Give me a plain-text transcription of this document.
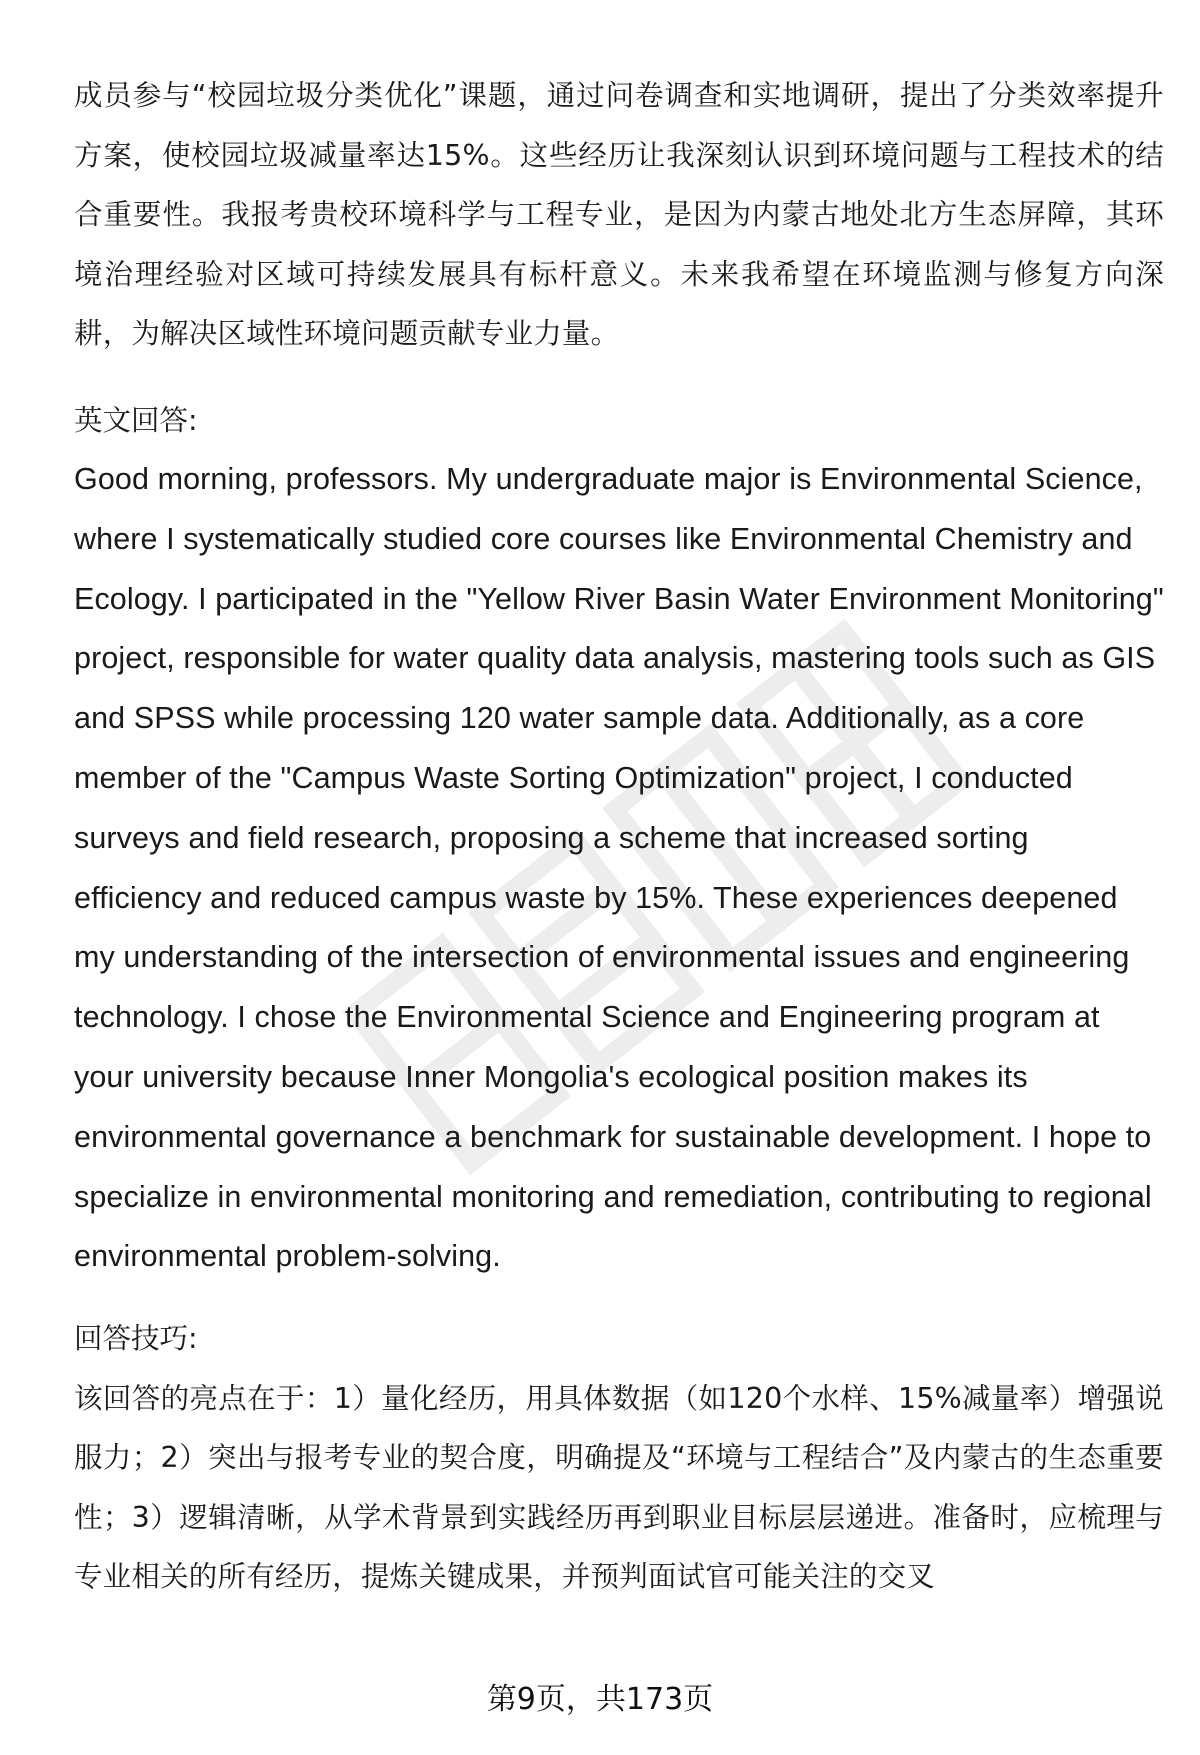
成员参与“校园垃圾分类优化”课题，通过问卷调查和实地调研，提出了分类效率提升方案，使校园垃圾减量率达15%。这些经历让我深刻认识到环境问题与工程技术的结合重要性。我报考贵校环境科学与工程专业，是因为内蒙古地处北方生态屏障，其环境治理经验对区域可持续发展具有标杆意义。未来我希望在环境监测与修复方向深耕，为解决区域性环境问题贡献专业力量。

英文回答:

Good morning, professors. My undergraduate major is Environmental Science, where I systematically studied core courses like Environmental Chemistry and Ecology. I participated in the "Yellow River Basin Water Environment Monitoring" project, responsible for water quality data analysis, mastering tools such as GIS and SPSS while processing 120 water sample data. Additionally, as a core member of the "Campus Waste Sorting Optimization" project, I conducted surveys and field research, proposing a scheme that increased sorting efficiency and reduced campus waste by 15%. These experiences deepened my understanding of the intersection of environmental issues and engineering technology. I chose the Environmental Science and Engineering program at your university because Inner Mongolia's ecological position makes its environmental governance a benchmark for sustainable development. I hope to specialize in environmental monitoring and remediation, contributing to regional environmental problem-solving.

回答技巧:

该回答的亮点在于：1）量化经历，用具体数据（如120个水样、15%减量率）增强说服力；2）突出与报考专业的契合度，明确提及“环境与工程结合”及内蒙古的生态重要性；3）逻辑清晰，从学术背景到实践经历再到职业目标层层递进。准备时，应梳理与专业相关的所有经历，提炼关键成果，并预判面试官可能关注的交叉

第9页，共173页
